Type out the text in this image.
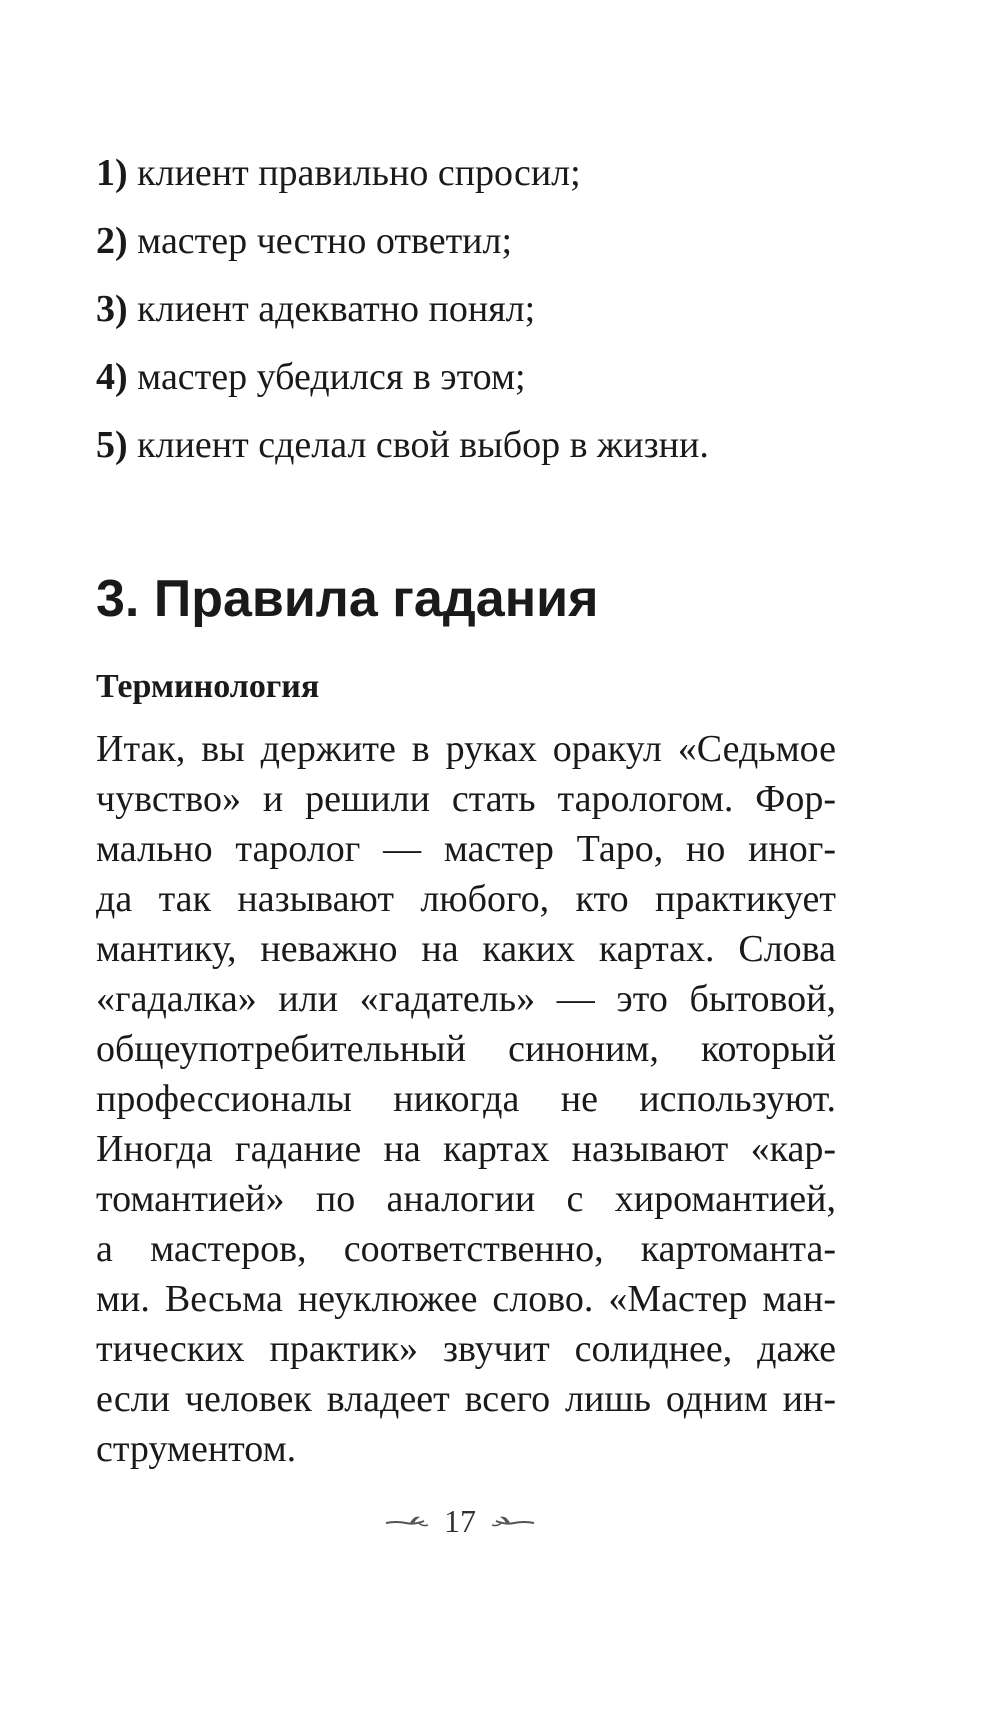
1) клиент правильно спросил;
2) мастер честно ответил;
3) клиент адекватно понял;
4) мастер убедился в этом;
5) клиент сделал свой выбор в жизни.
3. Правила гадания
Терминология
Итак, вы держите в руках оракул «Седьмое
чувство» и решили стать тарологом. Фор-
мально таролог — мастер Таро, но иног-
да так называют любого, кто практикует
мантику, неважно на каких картах. Слова
«гадалка» или «гадатель» — это бытовой,
общеупотребительный синоним, который
профессионалы никогда не используют.
Иногда гадание на картах называют «кар-
томантией» по аналогии с хиромантией,
а мастеров, соответственно, картоманта-
ми. Весьма неуклюжее слово. «Мастер ман-
тических практик» звучит солиднее, даже
если человек владеет всего лишь одним ин-
струментом.
17
